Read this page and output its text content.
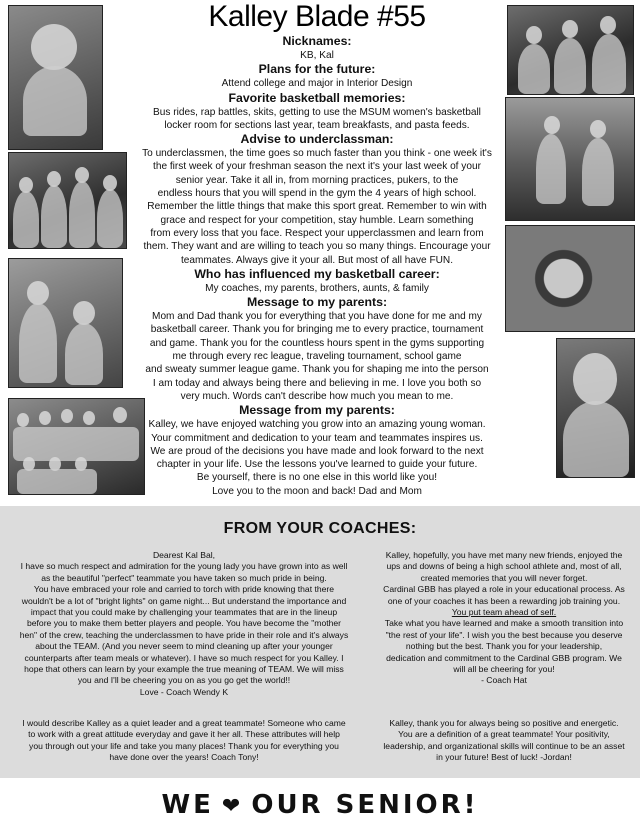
Kalley Blade #55

Nicknames:

KB, Kal

Plans for the future:

Attend college and major in Interior Design

Favorite basketball memories:

Bus rides, rap battles, skits, getting to use the MSUM women's basketball

locker room for sections last year, team breakfasts, and pasta feeds.

Advise to underclassman:

To underclassmen, the time goes so much faster than you think - one week it's

the first week of your freshman season the next it's your last week of your

senior year. Take it all in, from morning practices, pukers, to the

endless hours that you will spend in the gym the 4 years of high school.

Remember the little things that make this sport great. Remember to win with

grace and respect for your competition, stay humble. Learn something

from every loss that you face. Respect your upperclassmen and learn from

them. They want and are willing to teach you so many things. Encourage your

teammates. Always give it your all. But most of all have FUN.

Who has influenced my basketball career:

My coaches, my parents, brothers, aunts, & family

Message to my parents:

Mom and Dad thank you for everything that you have done for me and my

basketball career. Thank you for bringing me to every practice, tournament

and game. Thank you for the countless hours spent in the gyms supporting

me through every rec league, traveling tournament, school game

and sweaty summer league game. Thank you for shaping me into the person

I am today and always being there and believing in me. I love you both so

very much. Words can't describe how much you mean to me.

Message from my parents:

Kalley, we have enjoyed watching you grow into an amazing young woman.

Your commitment and dedication to your team and teammates inspires us.

We are proud of the decisions you have made and look forward to the next

chapter in your life. Use the lessons you've learned to guide your future.

Be yourself, there is no one else in this world like you!

Love you to the moon and back! Dad and Mom

FROM YOUR COACHES:

Dearest Kal Bal,

I have so much respect and admiration for the young lady you have grown into as well

as the beautiful "perfect" teammate you have taken so much pride in being.

You have embraced your role and carried to torch with pride knowing that there

wouldn't be a lot of "bright lights" on game night... But understand the importance and

impact that you could make by challenging your teammates that are in the lineup

before you to make them better players and people. You have become the "mother

hen" of the crew, teaching the underclassmen to have pride in their role and it's always

about the TEAM. (And you never seem to mind cleaning up after your younger

counterparts after team meals or whatever). I have so much respect for you Kalley. I

hope that others can learn by your example the true meaning of TEAM. We will miss

you and I'll be cheering you on as you go get the world!!

Love - Coach Wendy K

Kalley, hopefully, you have met many new friends, enjoyed the

ups and downs of being a high school athlete and, most of all,

created memories that you will never forget.

Cardinal GBB has played a role in your educational process. As

one of your coaches it has been a rewarding job training you.

You put team ahead of self.

Take what you have learned and make a smooth transition into

"the rest of your life". I wish you the best because you deserve

nothing but the best. Thank you for your leadership,

dedication and commitment to the Cardinal GBB program. We

will all be cheering for you!

- Coach Hat

I would describe Kalley as a quiet leader and a great teammate! Someone who came

to work with a great attitude everyday and gave it her all. These attributes will help

you through out your life and take you many places! Thank you for everything you

have done over the years! Coach Tony!

Kalley, thank you for always being so positive and energetic.

You are a definition of a great teammate! Your positivity,

leadership, and organizational skills will continue to be an asset

in your future! Best of luck! -Jordan!

WE ❤ OUR SENIOR!
